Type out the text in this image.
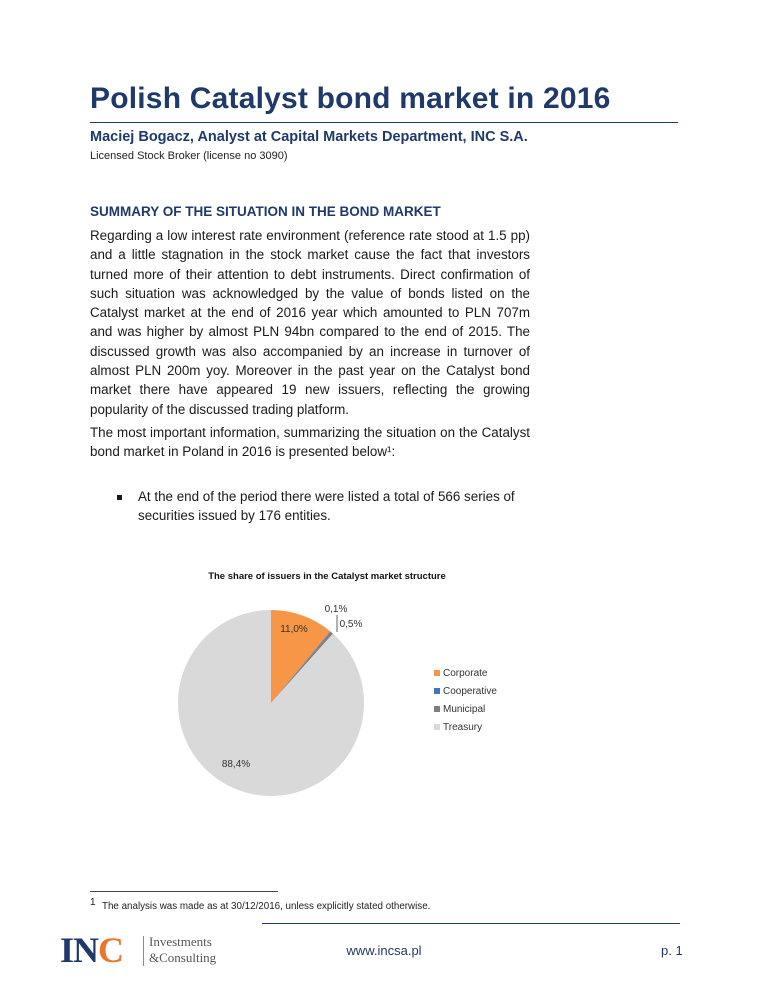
Polish Catalyst bond market in 2016
Maciej Bogacz, Analyst at Capital Markets Department, INC S.A.
Licensed Stock Broker (license no 3090)
SUMMARY OF THE SITUATION IN THE BOND MARKET

Regarding a low interest rate environment (reference rate stood at 1.5 pp) and a little stagnation in the stock market cause the fact that investors turned more of their attention to debt instruments. Direct confirmation of such situation was acknowledged by the value of bonds listed on the Catalyst market at the end of 2016 year which amounted to PLN 707m and was higher by almost PLN 94bn compared to the end of 2015. The discussed growth was also accompanied by an increase in turnover of almost PLN 200m yoy. Moreover in the past year on the Catalyst bond market there have appeared 19 new issuers, reflecting the growing popularity of the discussed trading platform.

The most important information, summarizing the situation on the Catalyst bond market in Poland in 2016 is presented below¹:

At the end of the period there were listed a total of 566 series of securities issued by 176 entities.

The share of issuers in the Catalyst market structure
11,0%
0,1%
0,5%
88,4%
Corporate
Cooperative
Municipal
Treasury
1 The analysis was made as at 30/12/2016, unless explicitly stated otherwise.
INC Investments
&Consulting	www.incsa.pl	p. 1
